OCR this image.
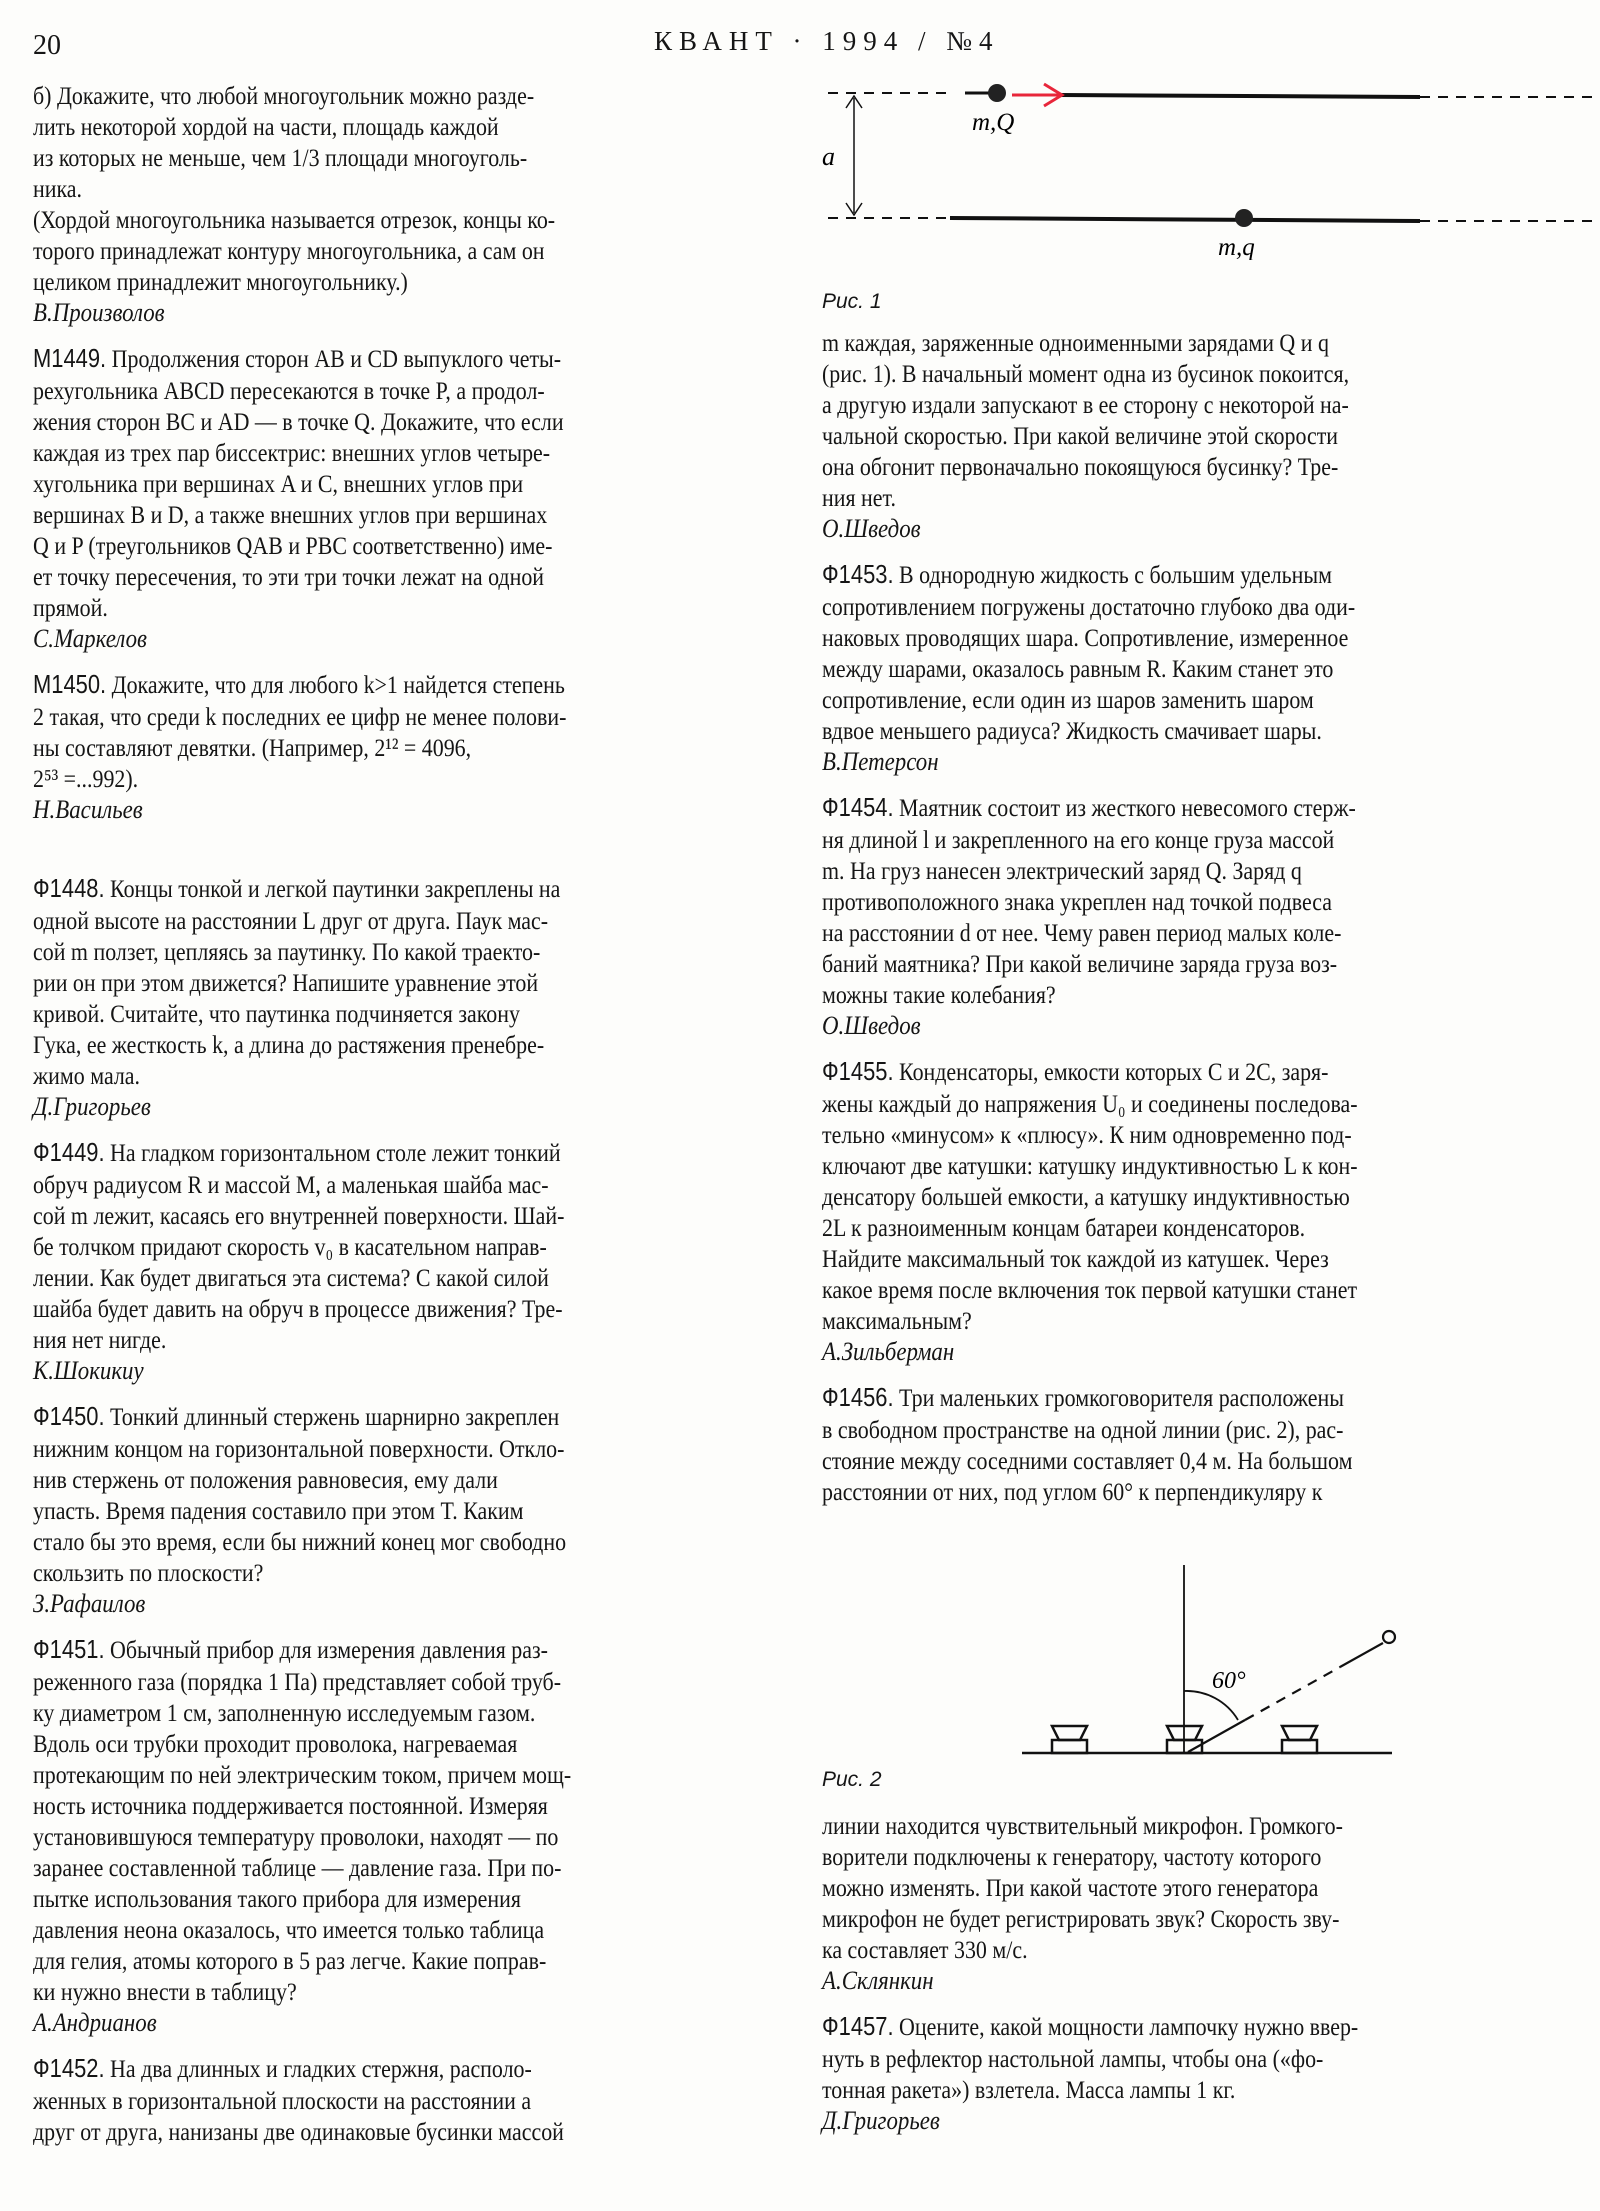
20	КВАНТ · 1994 / №4
б) Докажите, что любой многоугольник можно разде-
лить некоторой хордой на части, площадь каждой
из которых не меньше, чем 1/3 площади многоуголь-
ника.
(Хордой многоугольника называется отрезок, концы ко-
торого принадлежат контуру многоугольника, а сам он
целиком принадлежит многоугольнику.)
В.Произволов
М1449. Продолжения сторон AB и CD выпуклого четы-
рехугольника ABCD пересекаются в точке P, а продол-
жения сторон BC и AD — в точке Q. Докажите, что если
каждая из трех пар биссектрис: внешних углов четыре-
хугольника при вершинах A и C, внешних углов при
вершинах B и D, а также внешних углов при вершинах
Q и P (треугольников QAB и PBC соответственно) име-
ет точку пересечения, то эти три точки лежат на одной
прямой.
С.Маркелов
М1450. Докажите, что для любого k>1 найдется степень
2 такая, что среди k последних ее цифр не менее полови-
ны составляют девятки. (Например, 2¹² = 4096,
2⁵³ =...992).
Н.Васильев
Ф1448. Концы тонкой и легкой паутинки закреплены на
одной высоте на расстоянии L друг от друга. Паук мас-
сой m ползет, цепляясь за паутинку. По какой траекто-
рии он при этом движется? Напишите уравнение этой
кривой. Считайте, что паутинка подчиняется закону
Гука, ее жесткость k, а длина до растяжения пренебре-
жимо мала.
Д.Григорьев
Ф1449. На гладком горизонтальном столе лежит тонкий
обруч радиусом R и массой M, а маленькая шайба мас-
сой m лежит, касаясь его внутренней поверхности. Шай-
бе толчком придают скорость v₀ в касательном направ-
лении. Как будет двигаться эта система? С какой силой
шайба будет давить на обруч в процессе движения? Тре-
ния нет нигде.
К.Шокикиу
Ф1450. Тонкий длинный стержень шарнирно закреплен
нижним концом на горизонтальной поверхности. Откло-
нив стержень от положения равновесия, ему дали
упасть. Время падения составило при этом T. Каким
стало бы это время, если бы нижний конец мог свободно
скользить по плоскости?
З.Рафаилов
Ф1451. Обычный прибор для измерения давления раз-
реженного газа (порядка 1 Па) представляет собой труб-
ку диаметром 1 см, заполненную исследуемым газом.
Вдоль оси трубки проходит проволока, нагреваемая
протекающим по ней электрическим током, причем мощ-
ность источника поддерживается постоянной. Измеряя
установившуюся температуру проволоки, находят — по
заранее составленной таблице — давление газа. При по-
пытке использования такого прибора для измерения
давления неона оказалось, что имеется только таблица
для гелия, атомы которого в 5 раз легче. Какие поправ-
ки нужно внести в таблицу?
А.Андрианов
Ф1452. На два длинных и гладких стержня, располо-
женных в горизонтальной плоскости на расстоянии a
друг от друга, нанизаны две одинаковые бусинки массой
a
m,Q
m,q
Рис. 1
m каждая, заряженные одноименными зарядами Q и q
(рис. 1). В начальный момент одна из бусинок покоится,
а другую издали запускают в ее сторону с некоторой на-
чальной скоростью. При какой величине этой скорости
она обгонит первоначально покоящуюся бусинку? Тре-
ния нет.
О.Шведов
Ф1453. В однородную жидкость с большим удельным
сопротивлением погружены достаточно глубоко два оди-
наковых проводящих шара. Сопротивление, измеренное
между шарами, оказалось равным R. Каким станет это
сопротивление, если один из шаров заменить шаром
вдвое меньшего радиуса? Жидкость смачивает шары.
В.Петерсон
Ф1454. Маятник состоит из жесткого невесомого стерж-
ня длиной l и закрепленного на его конце груза массой
m. На груз нанесен электрический заряд Q. Заряд q
противоположного знака укреплен над точкой подвеса
на расстоянии d от нее. Чему равен период малых коле-
баний маятника? При какой величине заряда груза воз-
можны такие колебания?
О.Шведов
Ф1455. Конденсаторы, емкости которых C и 2C, заря-
жены каждый до напряжения U₀ и соединены последова-
тельно «минусом» к «плюсу». К ним одновременно под-
ключают две катушки: катушку индуктивностью L к кон-
денсатору большей емкости, а катушку индуктивностью
2L к разноименным концам батареи конденсаторов.
Найдите максимальный ток каждой из катушек. Через
какое время после включения ток первой катушки станет
максимальным?
А.Зильберман
Ф1456. Три маленьких громкоговорителя расположены
в свободном пространстве на одной линии (рис. 2), рас-
стояние между соседними составляет 0,4 м. На большом
расстоянии от них, под углом 60° к перпендикуляру к
60°
Рис. 2
линии находится чувствительный микрофон. Громкого-
ворители подключены к генератору, частоту которого
можно изменять. При какой частоте этого генератора
микрофон не будет регистрировать звук? Скорость зву-
ка составляет 330 м/с.
А.Склянкин
Ф1457. Оцените, какой мощности лампочку нужно ввер-
нуть в рефлектор настольной лампы, чтобы она («фо-
тонная ракета») взлетела. Масса лампы 1 кг.
Д.Григорьев
